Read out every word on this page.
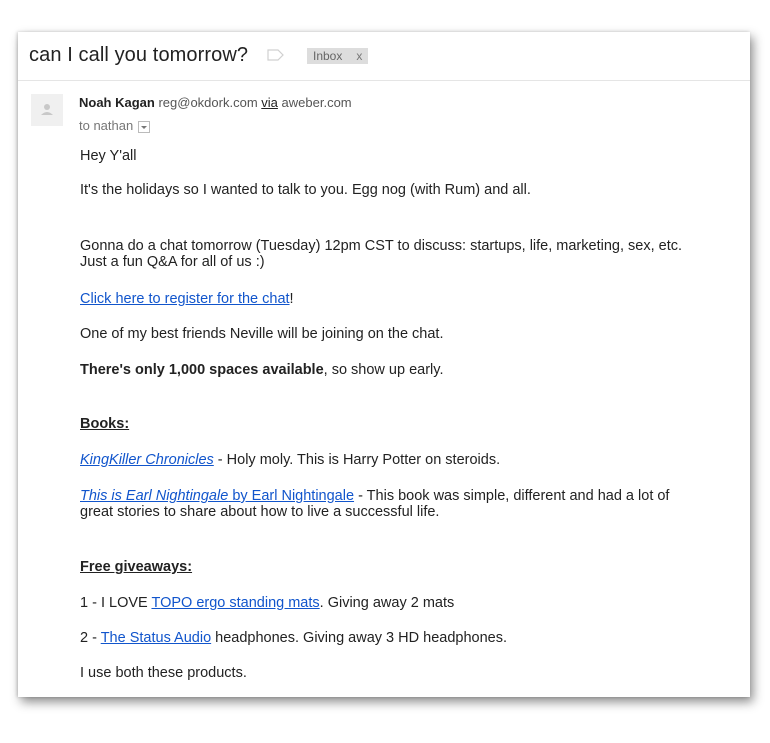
can I call you tomorrow?	Inbox x
Noah Kagan reg@okdork.com via aweber.com
to nathan

Hey Y'all

It's the holidays so I wanted to talk to you. Egg nog (with Rum) and all.

Gonna do a chat tomorrow (Tuesday) 12pm CST to discuss: startups, life, marketing, sex, etc.

Just a fun Q&A for all of us :)

Click here to register for the chat!

One of my best friends Neville will be joining on the chat.

There's only 1,000 spaces available, so show up early.

Books:

KingKiller Chronicles - Holy moly. This is Harry Potter on steroids.

This is Earl Nightingale by Earl Nightingale - This book was simple, different and had a lot of

great stories to share about how to live a successful life.

Free giveaways:

1 - I LOVE TOPO ergo standing mats. Giving away 2 mats

2 - The Status Audio headphones. Giving away 3 HD headphones.

I use both these products.
